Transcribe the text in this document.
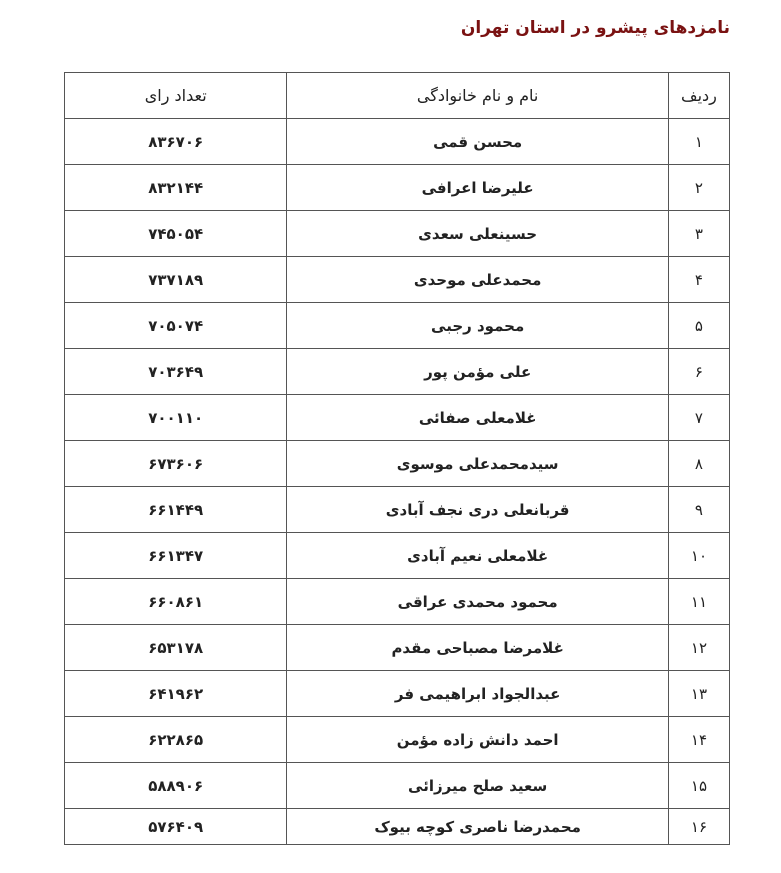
نامزدهای پیشرو در استان تهران
ردیف	نام و نام خانوادگی	تعداد رای
۱	محسن قمی	۸۳۶۷۰۶
۲	علیرضا اعرافی	۸۳۲۱۴۴
۳	حسینعلی سعدی	۷۴۵۰۵۴
۴	محمدعلی موحدی	۷۳۷۱۸۹
۵	محمود رجبی	۷۰۵۰۷۴
۶	علی مؤمن پور	۷۰۳۶۴۹
۷	غلامعلی صفائی	۷۰۰۱۱۰
۸	سیدمحمدعلی موسوی	۶۷۳۶۰۶
۹	قربانعلی دری نجف آبادی	۶۶۱۴۴۹
۱۰	غلامعلی نعیم آبادی	۶۶۱۳۴۷
۱۱	محمود محمدی عراقی	۶۶۰۸۶۱
۱۲	غلامرضا مصباحی مقدم	۶۵۳۱۷۸
۱۳	عبدالجواد ابراهیمی فر	۶۴۱۹۶۲
۱۴	احمد دانش زاده مؤمن	۶۲۲۸۶۵
۱۵	سعید صلح میرزائی	۵۸۸۹۰۶
۱۶	محمدرضا ناصری کوچه بیوک	۵۷۶۴۰۹
